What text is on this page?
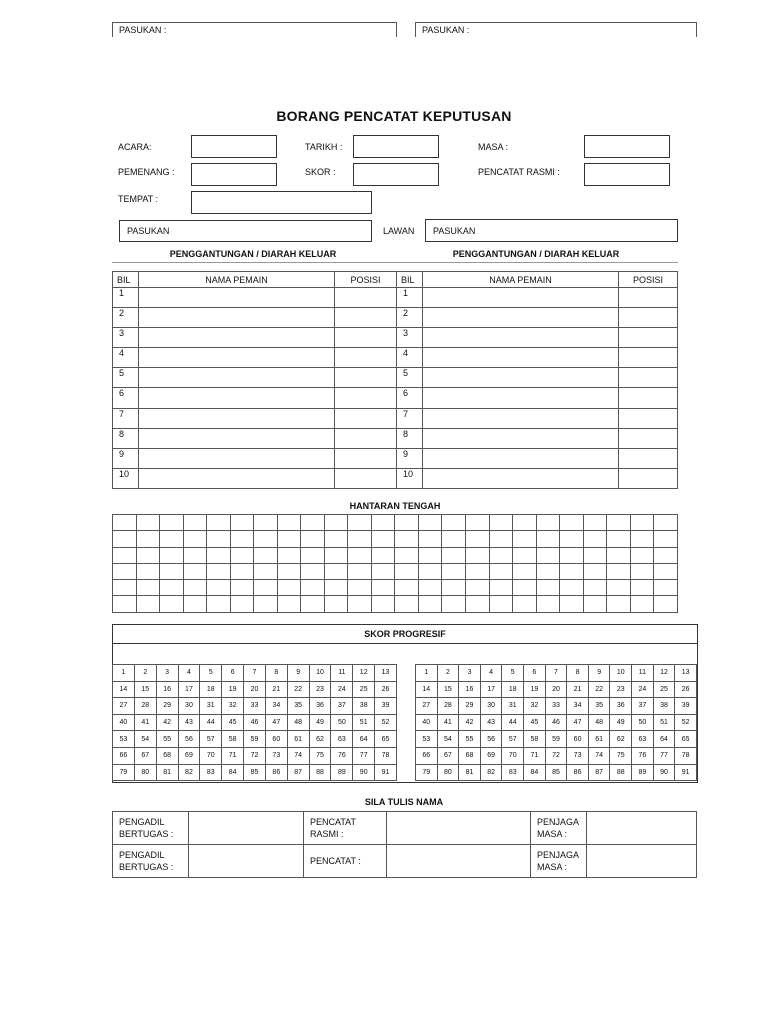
BORANG PENCATAT KEPUTUSAN
ACARA:	TARIKH :	MASA :
PEMENANG :	SKOR :	PENCATAT RASMI :
TEMPAT :
PASUKAN	LAWAN PASUKAN
PENGGANTUNGAN / DIARAH KELUAR	PENGGANTUNGAN / DIARAH KELUAR
BIL	NAMA PEMAIN	POSISI
1		
2		
3		
4		
5		
6		
7		
8		
9		
10		
BIL	NAMA PEMAIN	POSISI
1		
2		
3		
4		
5		
6		
7		
8		
9		
10		
HANTARAN TENGAH

SKOR PROGRESIF
PASUKAN :	PASUKAN :
1	2	3	4	5	6	7	8	9	10	11	12	13
14	15	16	17	18	19	20	21	22	23	24	25	26
27	28	29	30	31	32	33	34	35	36	37	38	39
40	41	42	43	44	45	46	47	48	49	50	51	52
53	54	55	56	57	58	59	60	61	62	63	64	65
66	67	68	69	70	71	72	73	74	75	76	77	78
79	80	81	82	83	84	85	86	87	88	89	90	91
1	2	3	4	5	6	7	8	9	10	11	12	13
14	15	16	17	18	19	20	21	22	23	24	25	26
27	28	29	30	31	32	33	34	35	36	37	38	39
40	41	42	43	44	45	46	47	48	49	50	51	52
53	54	55	56	57	58	59	60	61	62	63	64	65
66	67	68	69	70	71	72	73	74	75	76	77	78
79	80	81	82	83	84	85	86	87	88	89	90	91
SILA TULIS NAMA
PENGADIL BERTUGAS :		PENCATAT RASMI :		PENJAGA MASA :	
PENGADIL BERTUGAS :		PENCATAT :		PENJAGA MASA :	
